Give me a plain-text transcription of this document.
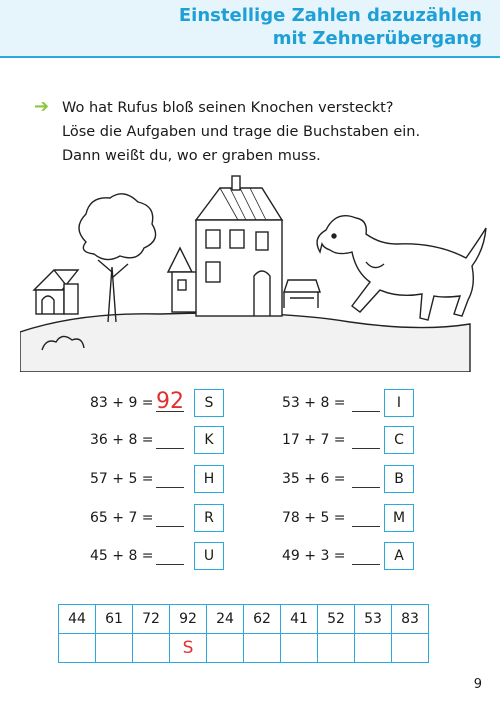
Einstellige Zahlen dazuzählen
mit Zehnerübergang
➔ Wo hat Rufus bloß seinen Knochen versteckt?
Löse die Aufgaben und trage die Buchstaben ein.
Dann weißt du, wo er graben muss.
83 + 9 = 92	S
36 + 8 =	K
57 + 5 =	H
65 + 7 =	R
45 + 8 =	U
53 + 8 =	I
17 + 7 =	C
35 + 6 =	B
78 + 5 =	M
49 + 3 =	A
44	61	72	92	24	62	41	52	53	83
			S						
9
